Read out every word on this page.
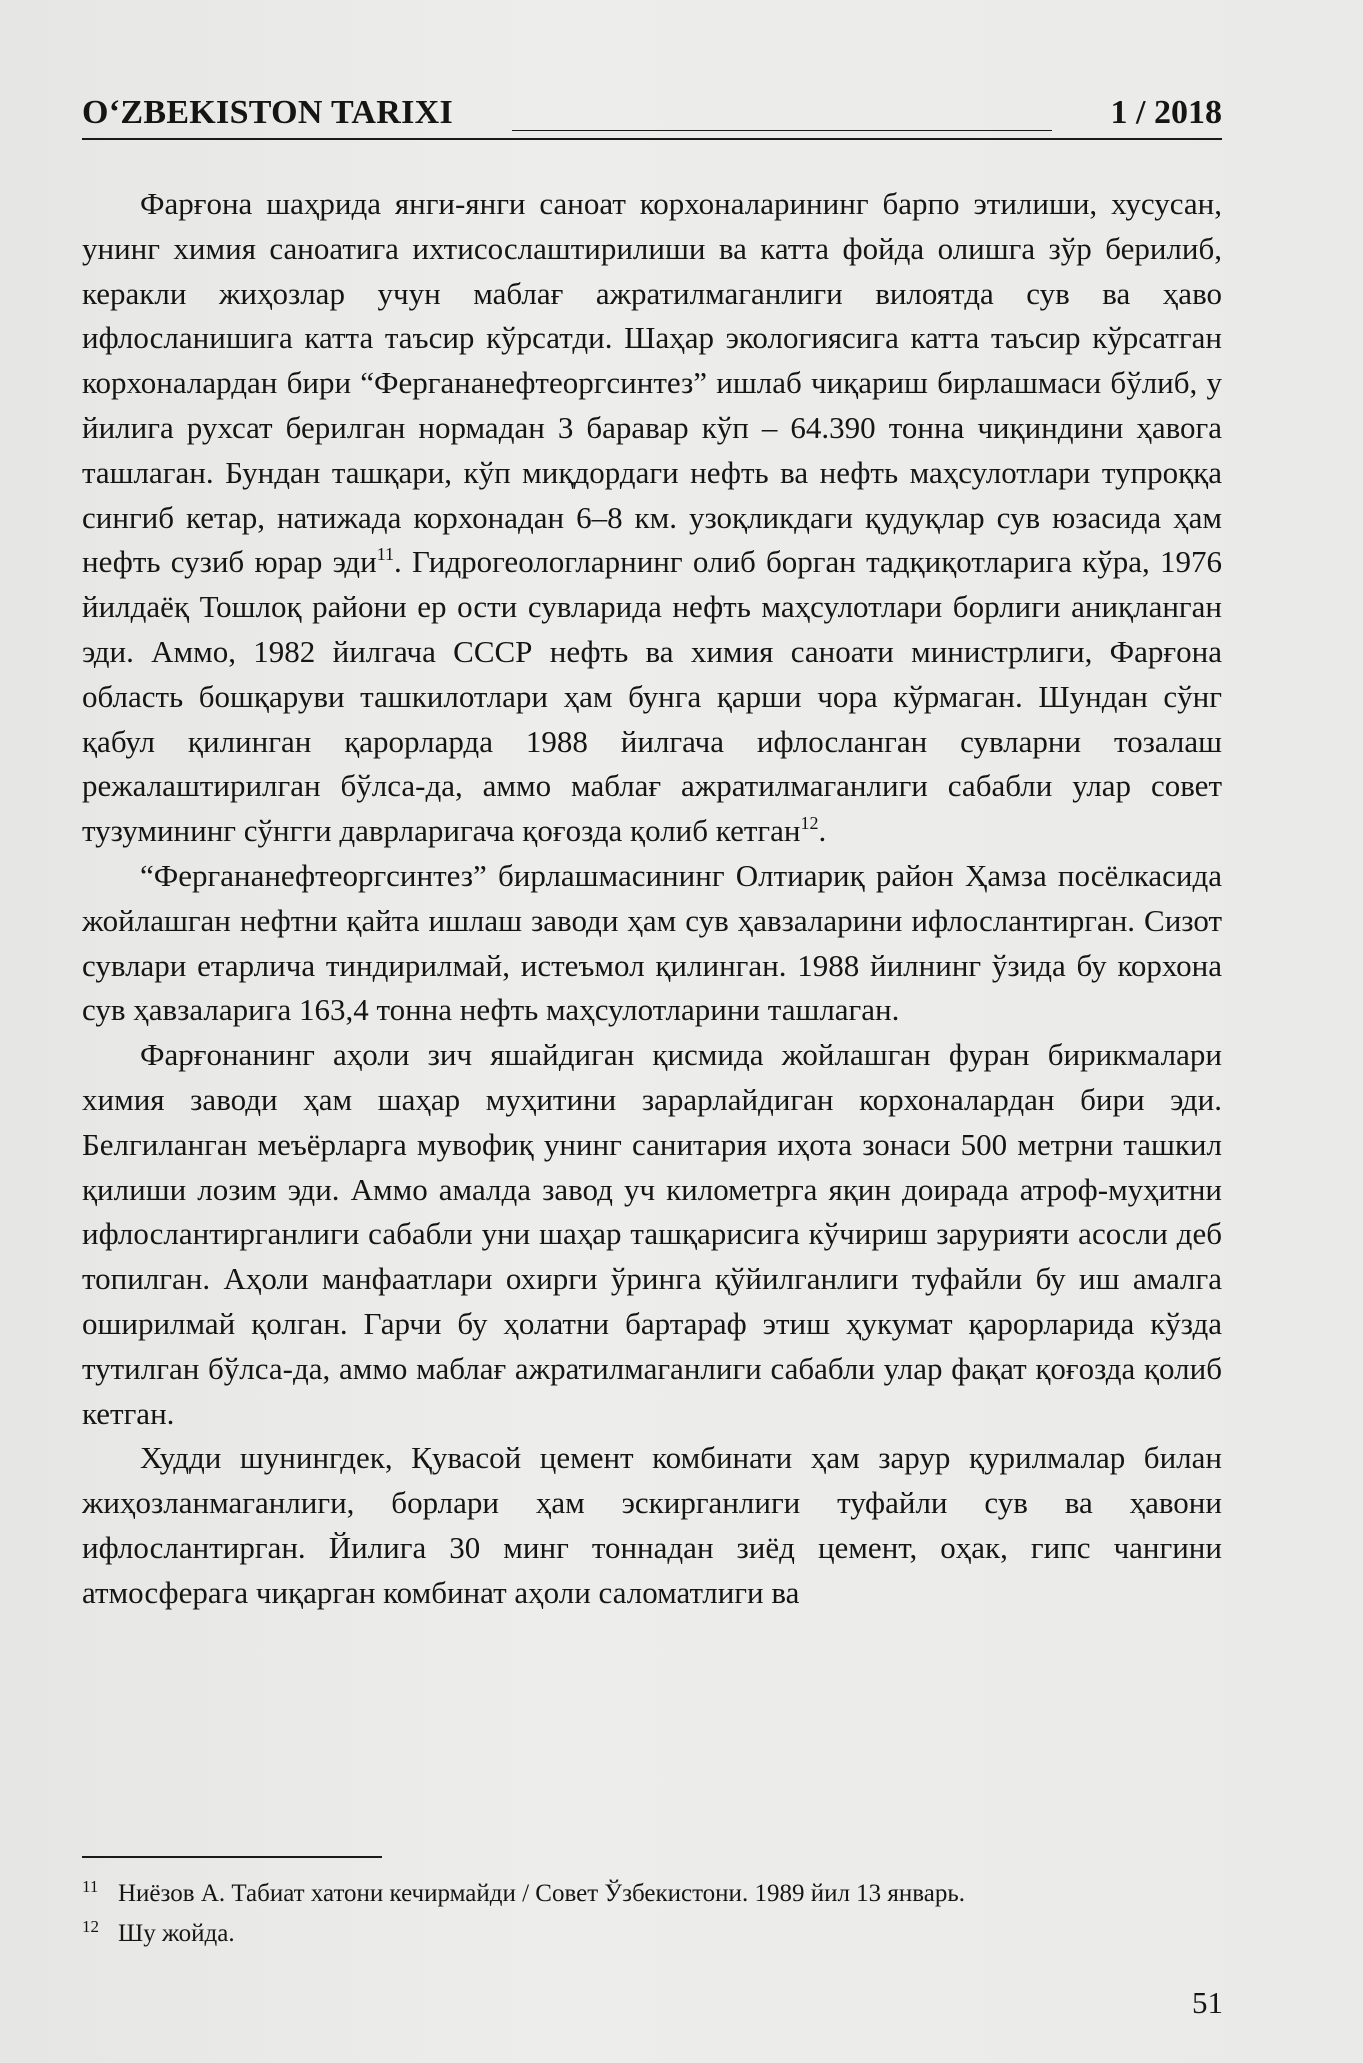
O‘ZBEKISTON TARIXI	1 / 2018

Фарғона шаҳрида янги-янги саноат корхоналарининг барпо этилиши, хусусан, унинг химия саноатига ихтисослаштирилиши ва катта фойда олишга зўр берилиб, керакли жиҳозлар учун маблағ ажратилмаганлиги вилоятда сув ва ҳаво ифлосланишига катта таъсир кўрсатди. Шаҳар экологиясига катта таъсир кўрсатган корхоналардан бири “Фергананефтеоргсинтез” ишлаб чиқариш бирлашмаси бўлиб, у йилига рухсат берилган нормадан 3 баравар кўп – 64.390 тонна чиқиндини ҳавога ташлаган. Бундан ташқари, кўп миқдордаги нефть ва нефть маҳсулотлари тупроққа сингиб кетар, натижада корхонадан 6–8 км. узоқликдаги қудуқлар сув юзасида ҳам нефть сузиб юрар эди$^{11}$. Гидрогеологларнинг олиб борган тадқиқотларига кўра, 1976 йилдаёқ Тошлоқ райони ер ости сувларида нефть маҳсулотлари борлиги аниқланган эди. Аммо, 1982 йилгача СССР нефть ва химия саноати министрлиги, Фарғона область бошқаруви ташкилотлари ҳам бунга қарши чора кўрмаган. Шундан сўнг қабул қилинган қарорларда 1988 йилгача ифлосланган сувларни тозалаш режалаштирилган бўлса-да, аммо маблағ ажратилмаганлиги сабабли улар совет тузумининг сўнгги даврларигача қоғозда қолиб кетган$^{12}$.

“Фергананефтеоргсинтез” бирлашмасининг Олтиариқ район Ҳамза посёлкасида жойлашган нефтни қайта ишлаш заводи ҳам сув ҳавзаларини ифлослантирган. Сизот сувлари етарлича тиндирилмай, истеъмол қилинган. 1988 йилнинг ўзида бу корхона сув ҳавзаларига 163,4 тонна нефть маҳсулотларини ташлаган.

Фарғонанинг аҳоли зич яшайдиган қисмида жойлашган фуран бирикмалари химия заводи ҳам шаҳар муҳитини зарарлайдиган корхоналардан бири эди. Белгиланган меъёрларга мувофиқ унинг санитария иҳота зонаси 500 метрни ташкил қилиши лозим эди. Аммо амалда завод уч километрга яқин доирада атроф-муҳитни ифлослантирганлиги сабабли уни шаҳар ташқарисига кўчириш зарурияти асосли деб топилган. Аҳоли манфаатлари охирги ўринга қўйилганлиги туфайли бу иш амалга оширилмай қолган. Гарчи бу ҳолатни бартараф этиш ҳукумат қарорларида кўзда тутилган бўлса-да, аммо маблағ ажратилмаганлиги сабабли улар фақат қоғозда қолиб кетган.

Худди шунингдек, Қувасой цемент комбинати ҳам зарур қурилмалар билан жиҳозланмаганлиги, борлари ҳам эскирганлиги туфайли сув ва ҳавони ифлослантирган. Йилига 30 минг тоннадан зиёд цемент, оҳак, гипс чангини атмосферага чиқарган комбинат аҳоли саломатлиги ва

11 Ниёзов А. Табиат хатони кечирмайди / Совет Ўзбекистони. 1989 йил 13 январь.

12 Шу жойда.

51
